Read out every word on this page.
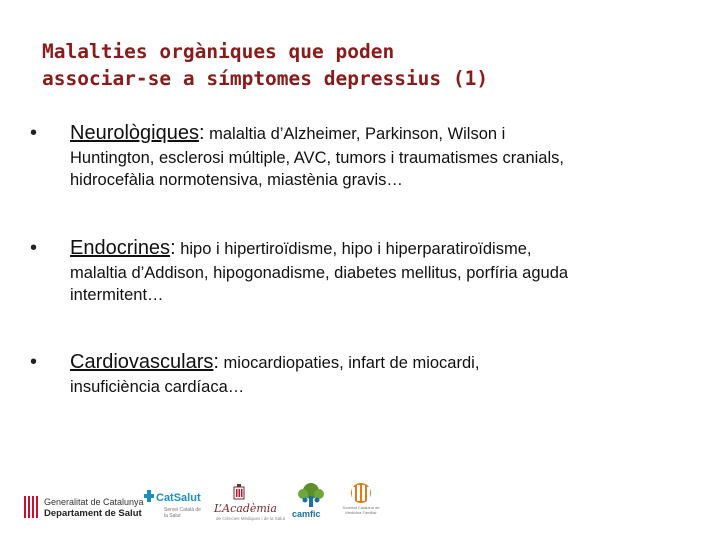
Malalties orgàniques que poden
associar-se a símptomes depressius (1)
• Neurològiques: malaltia d’Alzheimer, Parkinson, Wilson i
Huntington, esclerosi múltiple, AVC, tumors i traumatismes cranials,
hidrocefàlia normotensiva, miastènia gravis…
• Endocrines: hipo i hipertiroïdisme, hipo i hiperparatiroïdisme,
malaltia d’Addison, hipogonadisme, diabetes mellitus, porfíria aguda
intermitent…
• Cardiovasculars: miocardiopaties, infart de miocardi,
insuficiència cardíaca…
Generalitat de Catalunya
Departament de Salut
CatSalut
Servei Català de la Salut
L’Acadèmia
de Ciències Mèdiques i de la Salut camfic
Societat Catalana de Medicina Familiar
